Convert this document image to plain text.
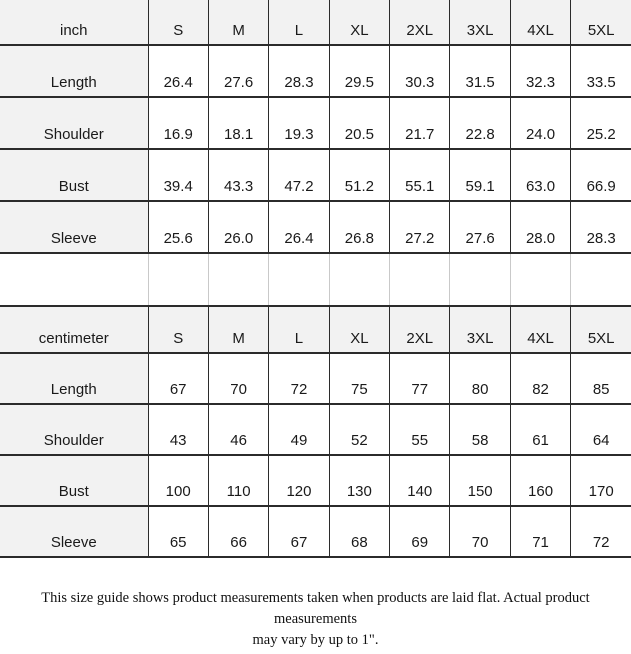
inch	S	M	L	XL	2XL	3XL	4XL	5XL
Length	26.4	27.6	28.3	29.5	30.3	31.5	32.3	33.5
Shoulder	16.9	18.1	19.3	20.5	21.7	22.8	24.0	25.2
Bust	39.4	43.3	47.2	51.2	55.1	59.1	63.0	66.9
Sleeve	25.6	26.0	26.4	26.8	27.2	27.6	28.0	28.3

centimeter	S	M	L	XL	2XL	3XL	4XL	5XL
Length	67	70	72	75	77	80	82	85
Shoulder	43	46	49	52	55	58	61	64
Bust	100	110	120	130	140	150	160	170
Sleeve	65	66	67	68	69	70	71	72
This size guide shows product measurements taken when products are laid flat. Actual product measurements
may vary by up to 1".
